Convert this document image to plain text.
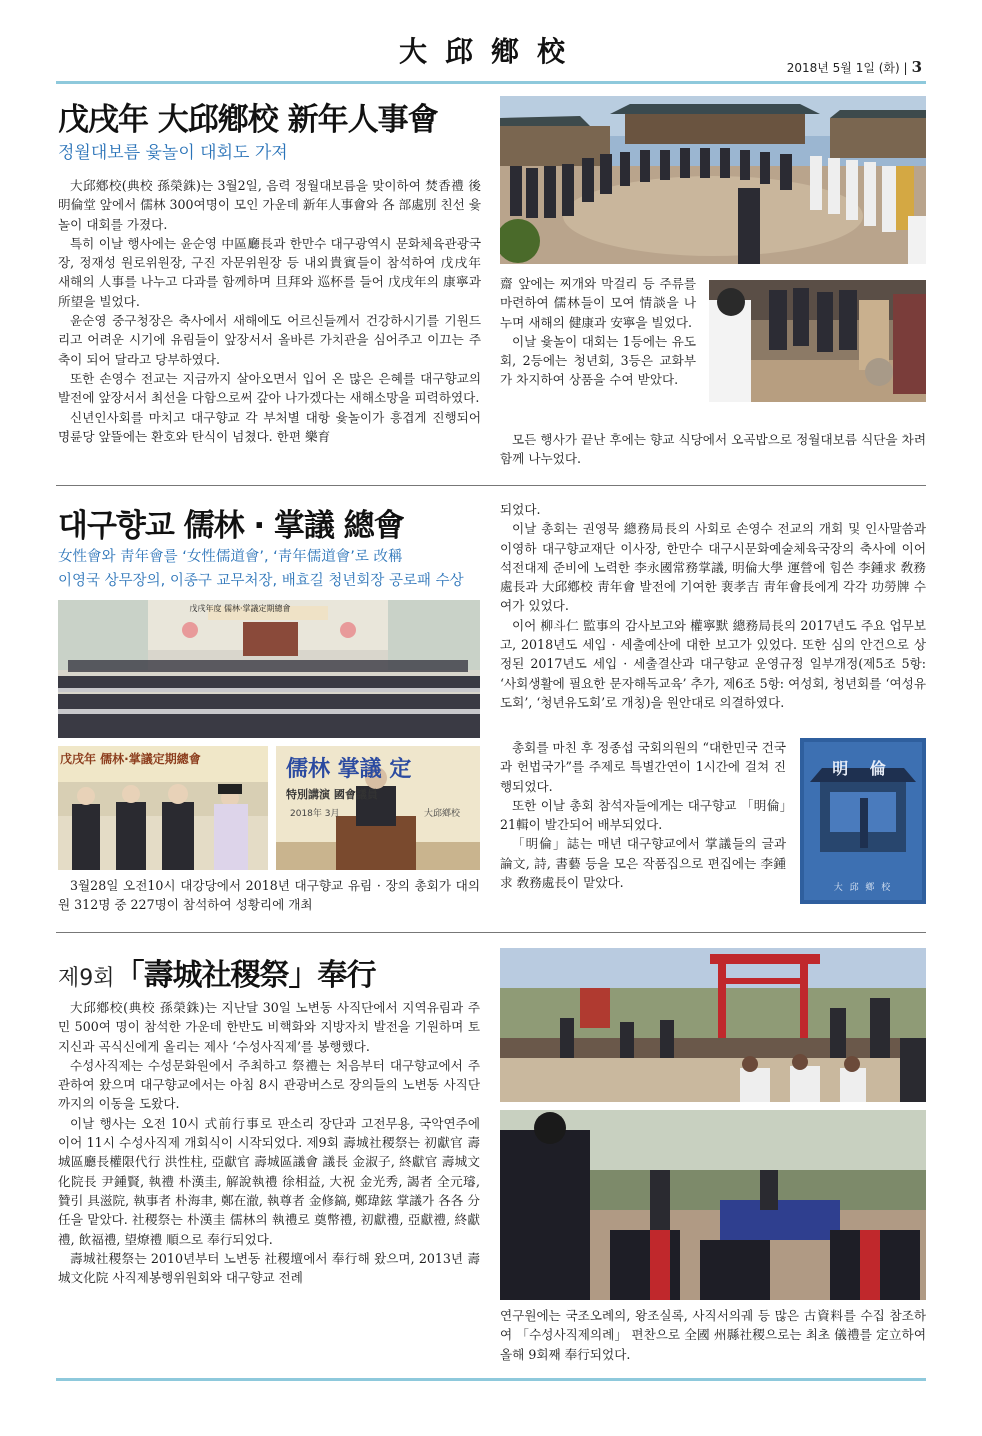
大邱鄕校	2018년 5월 1일 (화) | 3
戊戌年 大邱鄕校 新年人事會
정월대보름 윷놀이 대회도 가져

大邱鄕校(典校 孫榮銖)는 3월2일, 음력 정월대보름을 맞이하여 焚香禮 後 明倫堂 앞에서 儒林 300여명이 모인 가운데 新年人事會와 各 部處別 친선 윷놀이 대회를 가졌다.

특히 이날 행사에는 윤순영 中區廳長과 한만수 대구광역시 문화체육관광국장, 정재성 원로위원장, 구진 자문위원장 등 내외貴賓들이 참석하여 戊戌年 새해의 人事를 나누고 다과를 함께하며 旦拜와 巡杯를 들어 戊戌年의 康寧과 所望을 빌었다.

윤순영 중구청장은 축사에서 새해에도 어르신들께서 건강하시기를 기원드리고 어려운 시기에 유림들이 앞장서서 올바른 가치관을 심어주고 이끄는 주축이 되어 달라고 당부하였다.

또한 손영수 전교는 지금까지 살아오면서 입어 온 많은 은혜를 대구향교의 발전에 앞장서서 최선을 다함으로써 갚아 나가겠다는 새해소망을 피력하였다.

신년인사회를 마치고 대구향교 각 부처별 대항 윷놀이가 흥겹게 진행되어 명륜당 앞뜰에는 환호와 탄식이 넘쳤다. 한편 樂育

齋 앞에는 찌개와 막걸리 등 주류를 마련하여 儒林들이 모여 情談을 나누며 새해의 健康과 安寧을 빌었다.

이날 윷놀이 대회는 1등에는 유도회, 2등에는 청년회, 3등은 교화부가 차지하여 상품을 수여 받았다.

모든 행사가 끝난 후에는 향교 식당에서 오곡밥으로 정월대보름 식단을 차려 함께 나누었다.

대구향교 儒林 · 掌議 總會
女性會와 靑年會를 ‘女性儒道會’, ‘靑年儒道會’로 改稱
이영국 상무장의, 이종구 교무처장, 배효길 청년회장 공로패 수상
戊戌年度 儒林·掌議定期總會
戊戌年 儒林·掌議定期總會	儒林 掌議 定
特別講演 國會議員
2018年 3月	大邱鄕校

3월28일 오전10시 대강당에서 2018년 대구향교 유림 · 장의 총회가 대의원 312명 중 227명이 참석하여 성황리에 개최

되었다.

이날 총회는 권영묵 總務局長의 사회로 손영수 전교의 개회 및 인사말씀과 이영하 대구향교재단 이사장, 한만수 대구시문화예술체육국장의 축사에 이어 석전대제 준비에 노력한 李永國常務掌議, 明倫大學 運營에 힘쓴 李鍾求 敎務處長과 大邱鄕校 靑年會 발전에 기여한 裵孝吉 靑年會長에게 각각 功勞牌 수여가 있었다.

이어 柳斗仁 監事의 감사보고와 權寧默 總務局長의 2017년도 주요 업무보고, 2018년도 세입 · 세출예산에 대한 보고가 있었다. 또한 심의 안건으로 상정된 2017년도 세입 · 세출결산과 대구향교 운영규정 일부개정(제5조 5항: ‘사회생활에 필요한 문자해독교육’ 추가, 제6조 5항: 여성회, 청년회를 ‘여성유도회’, ‘청년유도회’로 개칭)을 원안대로 의결하였다.

총회를 마친 후 정종섭 국회의원의 “대한민국 건국과 헌법국가”를 주제로 특별간연이 1시간에 걸쳐 진행되었다.

또한 이날 총회 참석자들에게는 대구향교 「明倫」21輯이 발간되어 배부되었다.

「明倫」誌는 매년 대구향교에서 掌議들의 글과 論文, 詩, 書藝 등을 모은 작품집으로 편집에는 李鍾求 敎務處長이 맡았다.

明 倫
大 邱 鄕 校
제9회「壽城社稷祭」奉行

大邱鄕校(典校 孫榮銖)는 지난달 30일 노변동 사직단에서 지역유림과 주민 500여 명이 참석한 가운데 한반도 비핵화와 지방자치 발전을 기원하며 토지신과 곡식신에게 올리는 제사 ‘수성사직제’를 봉행했다.

수성사직제는 수성문화원에서 주최하고 祭禮는 처음부터 대구향교에서 주관하여 왔으며 대구향교에서는 아침 8시 관광버스로 장의들의 노변동 사직단까지의 이동을 도왔다.

이날 행사는 오전 10시 式前行事로 판소리 장단과 고전무용, 국악연주에 이어 11시 수성사직제 개회식이 시작되었다. 제9회 壽城社稷祭는 初獻官 壽城區廳長權限代行 洪性柱, 亞獻官 壽城區議會 議長 金淑子, 終獻官 壽城文化院長 尹鍾賢, 執禮 朴漢圭, 解說執禮 徐相益, 大祝 金光秀, 謁者 全元璿, 贊引 具滋院, 執事者 朴海聿, 鄭在澈, 執尊者 金修鎬, 鄭瑋鉉 掌議가 各各 分任을 맡았다. 社稷祭는 朴漢圭 儒林의 執禮로 奠幣禮, 初獻禮, 亞獻禮, 終獻禮, 飮福禮, 望燎禮 順으로 奉行되었다.

壽城社稷祭는 2010년부터 노변동 社稷壇에서 奉行해 왔으며, 2013년 壽城文化院 사직제봉행위원회와 대구향교 전례

연구원에는 국조오례의, 왕조실록, 사직서의궤 등 많은 古資料를 수집 참조하여 「수성사직제의례」 편찬으로 全國 州縣社稷으로는 최초 儀禮를 定立하여 올해 9회째 奉行되었다.
